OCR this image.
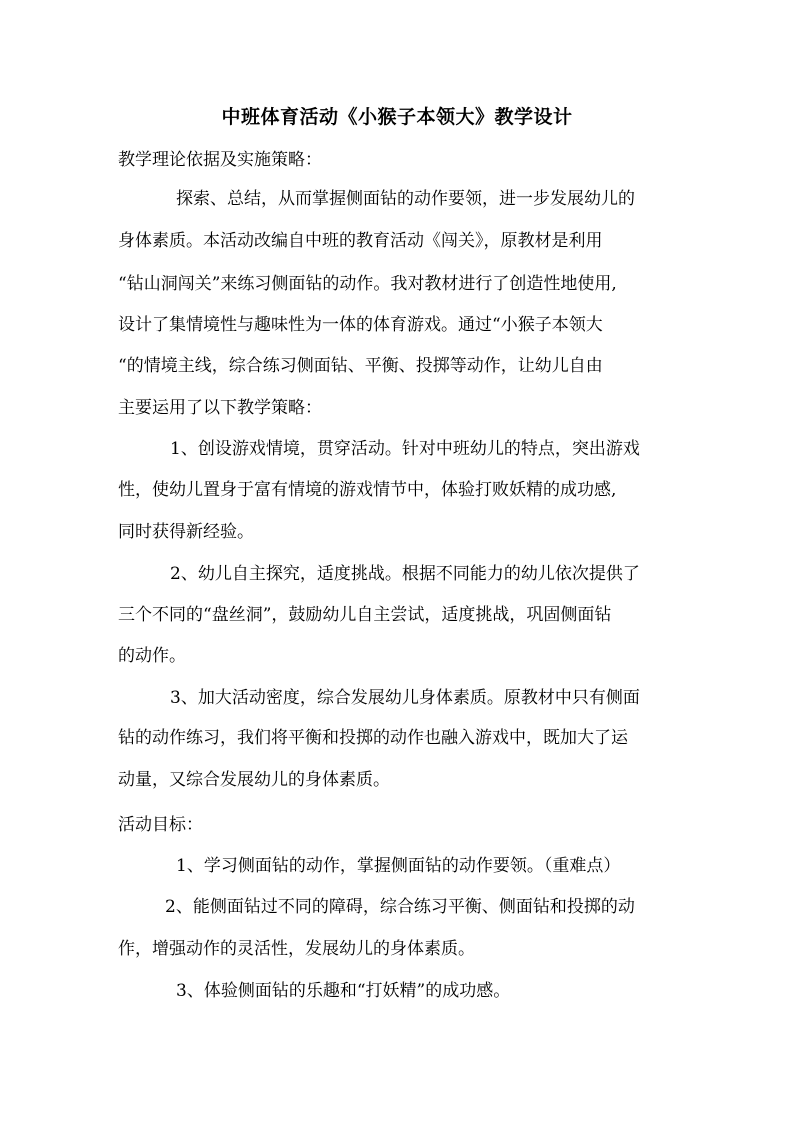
中班体育活动《小猴子本领大》教学设计
教学理论依据及实施策略：
探索、总结，从而掌握侧面钻的动作要领，进一步发展幼儿的
身体素质。本活动改编自中班的教育活动《闯关》，原教材是利用
“钻山洞闯关”来练习侧面钻的动作。我对教材进行了创造性地使用,
设计了集情境性与趣味性为一体的体育游戏。通过“小猴子本领大
“的情境主线，综合练习侧面钻、平衡、投掷等动作，让幼儿自由
主要运用了以下教学策略：
1、创设游戏情境，贯穿活动。针对中班幼儿的特点，突出游戏
性，使幼儿置身于富有情境的游戏情节中，体验打败妖精的成功感,
同时获得新经验。
2、幼儿自主探究，适度挑战。根据不同能力的幼儿依次提供了
三个不同的“盘丝洞”，鼓励幼儿自主尝试，适度挑战，巩固侧面钻
的动作。
3、加大活动密度，综合发展幼儿身体素质。原教材中只有侧面
钻的动作练习，我们将平衡和投掷的动作也融入游戏中，既加大了运
动量，又综合发展幼儿的身体素质。
活动目标：
1、学习侧面钻的动作，掌握侧面钻的动作要领。（重难点）
2、能侧面钻过不同的障碍，综合练习平衡、侧面钻和投掷的动
作，增强动作的灵活性，发展幼儿的身体素质。
3、体验侧面钻的乐趣和“打妖精”的成功感。
